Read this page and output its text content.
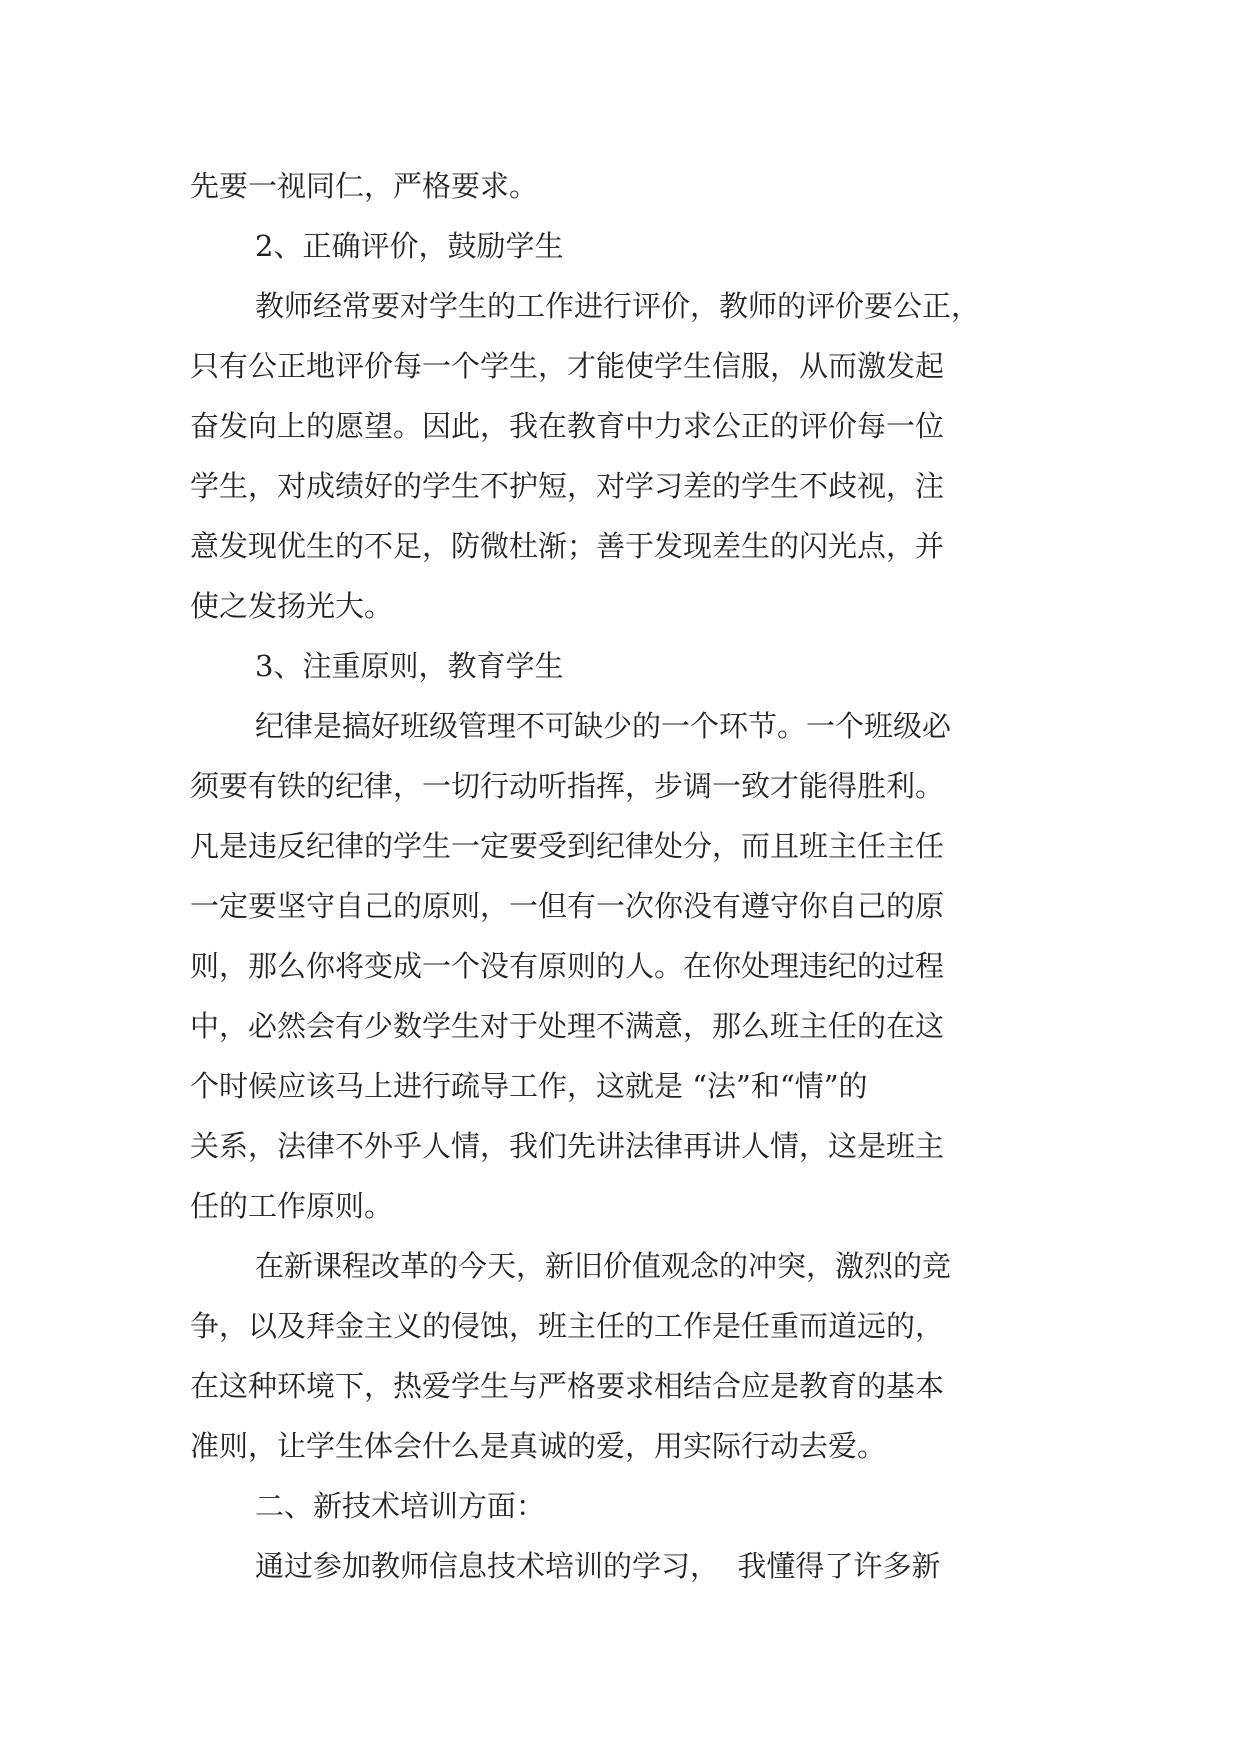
先要一视同仁，严格要求。

2、正确评价，鼓励学生

教师经常要对学生的工作进行评价，教师的评价要公正，

只有公正地评价每一个学生，才能使学生信服，从而激发起

奋发向上的愿望。因此，我在教育中力求公正的评价每一位

学生，对成绩好的学生不护短，对学习差的学生不歧视，注

意发现优生的不足，防微杜渐；善于发现差生的闪光点，并

使之发扬光大。

3、注重原则，教育学生

纪律是搞好班级管理不可缺少的一个环节。一个班级必

须要有铁的纪律，一切行动听指挥，步调一致才能得胜利。

凡是违反纪律的学生一定要受到纪律处分，而且班主任主任

一定要坚守自己的原则，一但有一次你没有遵守你自己的原

则，那么你将变成一个没有原则的人。在你处理违纪的过程

中，必然会有少数学生对于处理不满意，那么班主任的在这

个时候应该马上进行疏导工作，这就是 “法”和“情”的

关系，法律不外乎人情，我们先讲法律再讲人情，这是班主

任的工作原则。

在新课程改革的今天，新旧价值观念的冲突，激烈的竞

争，以及拜金主义的侵蚀，班主任的工作是任重而道远的，

在这种环境下，热爱学生与严格要求相结合应是教育的基本

准则，让学生体会什么是真诚的爱，用实际行动去爱。

二、新技术培训方面：

通过参加教师信息技术培训的学习，  我懂得了许多新
